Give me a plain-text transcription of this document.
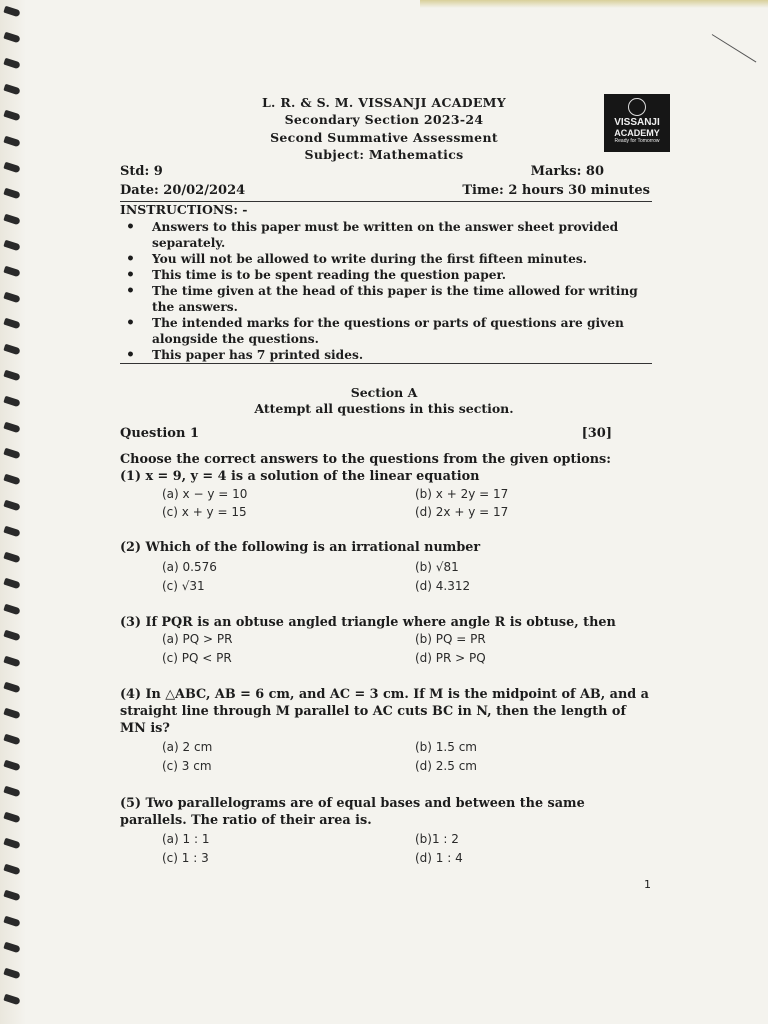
L. R. & S. M. VISSANJI ACADEMY
Secondary Section 2023-24
Second Summative Assessment
Subject: Mathematics
VISSANJI
ACADEMY
Ready for Tomorrow
Std: 9	Marks: 80
Date: 20/02/2024	Time: 2 hours 30 minutes
INSTRUCTIONS: -
• Answers to this paper must be written on the answer sheet provided separately.
• You will not be allowed to write during the first fifteen minutes.
• This time is to be spent reading the question paper.
• The time given at the head of this paper is the time allowed for writing the answers.
• The intended marks for the questions or parts of questions are given alongside the questions.
• This paper has 7 printed sides.
Section A
Attempt all questions in this section.
Question 1	[30]
Choose the correct answers to the questions from the given options:
(1) x = 9, y = 4 is a solution of the linear equation
(a) x − y = 10	(b) x + 2y = 17
(c) x + y = 15	(d) 2x + y = 17
(2) Which of the following is an irrational number
(a) 0.576	(b) √81
(c) √31	(d) 4.312
(3) If PQR is an obtuse angled triangle where angle R is obtuse, then
(a) PQ > PR	(b) PQ = PR
(c) PQ < PR	(d) PR > PQ
(4) In △ABC, AB = 6 cm, and AC = 3 cm. If M is the midpoint of AB, and a straight line through M parallel to AC cuts BC in N, then the length of MN is?
(a) 2 cm	(b) 1.5 cm
(c) 3 cm	(d) 2.5 cm
(5) Two parallelograms are of equal bases and between the same parallels. The ratio of their area is.
(a) 1 : 1	(b)1 : 2
(c) 1 : 3	(d) 1 : 4
1
